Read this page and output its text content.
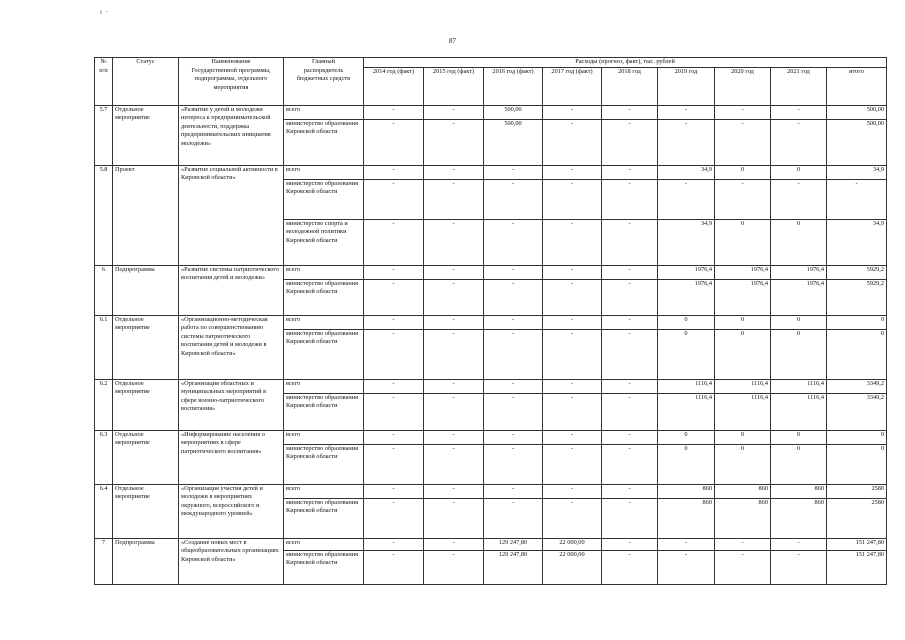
ı  ·
87
№
п/п	Статус	Наименование
Государственной программы,
подпрограммы, отдельного
мероприятия	Главный
распорядитель
бюджетных средств	Расходы (прогноз, факт), тыс. рублей								
				2014 год (факт)	2015 год (факт)	2016 год (факт)	2017 год (факт)	2018 год	2019 год	2020 год	2021 год	итого
5.7	Отдельное мероприятие	«Развитие у детей и молодежи интереса к предпринимательской деятельности, поддержка предпринимательских инициатив молодежи»	всего	-	-	500,00	-	-	-	-	-	500,00
			министерство образования Кировской области	-	-	500,00	-	-	-	-	-	500,00
5.8	Проект	«Развитие социальной активности в Кировской области»	всего	-	-	-	-	-	34,9	0	0	34,9
			министерство образования Кировской области	-	-	-	-	-	-	-	-	-
			министерство спорта и молодежной политики Кировской области	-	-	-	-	-	34,9	0	0	34,9
6	Подпрограмма	«Развитие системы патриотического воспитания детей и молодежи»	всего	-	-	-	-	-	1976,4	1976,4	1976,4	5929,2
			министерство образования Кировской области	-	-	-	-	-	1976,4	1976,4	1976,4	5929,2
6.1	Отдельное мероприятие	«Организационно-методическая работа по совершенствованию системы патриотического воспитания детей и молодежи в Кировской области»	всего	-	-	-	-	-	0	0	0	0
			министерство образования Кировской области	-	-	-	-	-	0	0	0	0
6.2	Отдельное мероприятие	«Организация областных и муниципальных мероприятий в сфере военно-патриотического воспитания»	всего	-	-	-	-	-	1116,4	1116,4	1116,4	3349,2
			министерство образования Кировской области	-	-	-	-	-	1116,4	1116,4	1116,4	3349,2
6.3	Отдельное мероприятие	«Информирование населения о мероприятиях в сфере патриотического воспитания»	всего	-	-	-	-	-	0	0	0	0
			министерство образования Кировской области	-	-	-	-	-	0	0	0	0
6.4	Отдельное мероприятие	«Организация участия детей и молодежи в мероприятиях окружного, всероссийского и международного уровней»	всего	-	-	-	-	-	860	860	860	2580
			министерство образования Кировской области	-	-	-	-	-	860	860	860	2580
7	Подпрограмма	«Создание новых мест в общеобразовательных организациях Кировской области»	всего	-	-	129 247,80	22 000,00	-	-	-	-	151 247,80
			министерство образования Кировской области	-	-	129 247,80	22 000,00	-	-	-	-	151 247,80
